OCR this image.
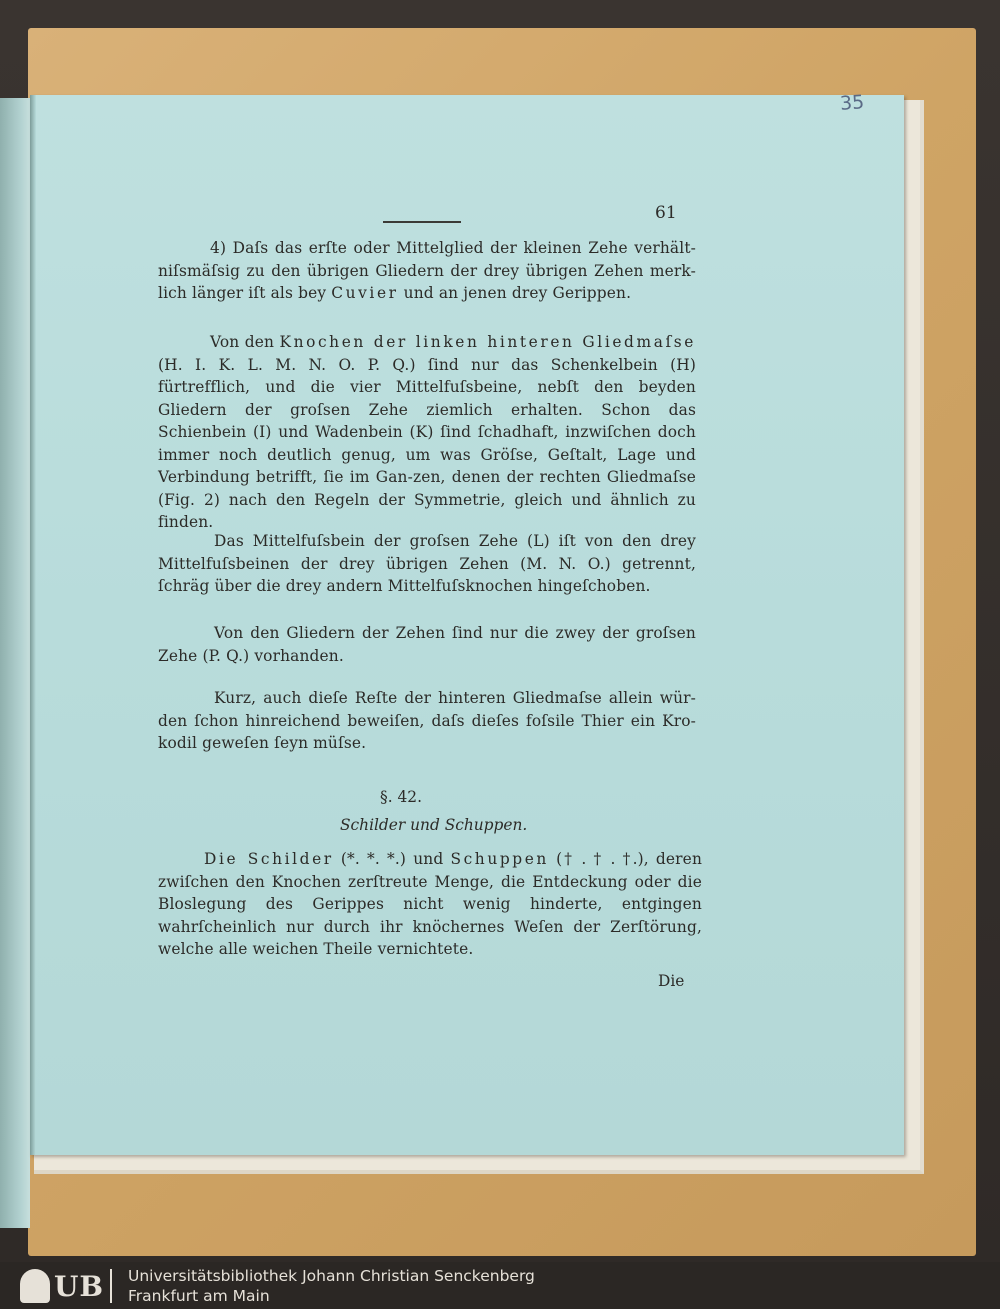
35
61

4) Daſs das erſte oder Mittelglied der kleinen Zehe verhält-niſsmäſsig zu den übrigen Gliedern der drey übrigen Zehen merk-lich länger iſt als bey Cuvier und an jenen drey Gerippen.

Von den Knochen der linken hinteren Gliedmaſse (H. I. K. L. M. N. O. P. Q.) ſind nur das Schenkelbein (H) fürtrefflich, und die vier Mittelfuſsbeine, nebſt den beyden Gliedern der groſsen Zehe ziemlich erhalten. Schon das Schienbein (I) und Wadenbein (K) ſind ſchadhaft, inzwiſchen doch immer noch deutlich genug, um was Gröſse, Geſtalt, Lage und Verbindung betrifft, ſie im Gan-zen, denen der rechten Gliedmaſse (Fig. 2) nach den Regeln der Symmetrie, gleich und ähnlich zu finden.

Das Mittelfuſsbein der groſsen Zehe (L) iſt von den drey Mittelfuſsbeinen der drey übrigen Zehen (M. N. O.) getrennt, ſchräg über die drey andern Mittelfuſsknochen hingeſchoben.

Von den Gliedern der Zehen ſind nur die zwey der groſsen Zehe (P. Q.) vorhanden.

Kurz, auch dieſe Reſte der hinteren Gliedmaſse allein wür-den ſchon hinreichend beweiſen, daſs dieſes foſsile Thier ein Kro-kodil geweſen ſeyn müſse.

§. 42.
Schilder und Schuppen.

Die Schilder (*. *. *.) und Schuppen († . † . †.), deren zwiſchen den Knochen zerſtreute Menge, die Entdeckung oder die Bloslegung des Gerippes nicht wenig hinderte, entgingen wahrſcheinlich nur durch ihr knöchernes Weſen der Zerſtörung, welche alle weichen Theile vernichtete.

Die
UB Universitätsbibliothek Johann Christian Senckenberg
Frankfurt am Main
